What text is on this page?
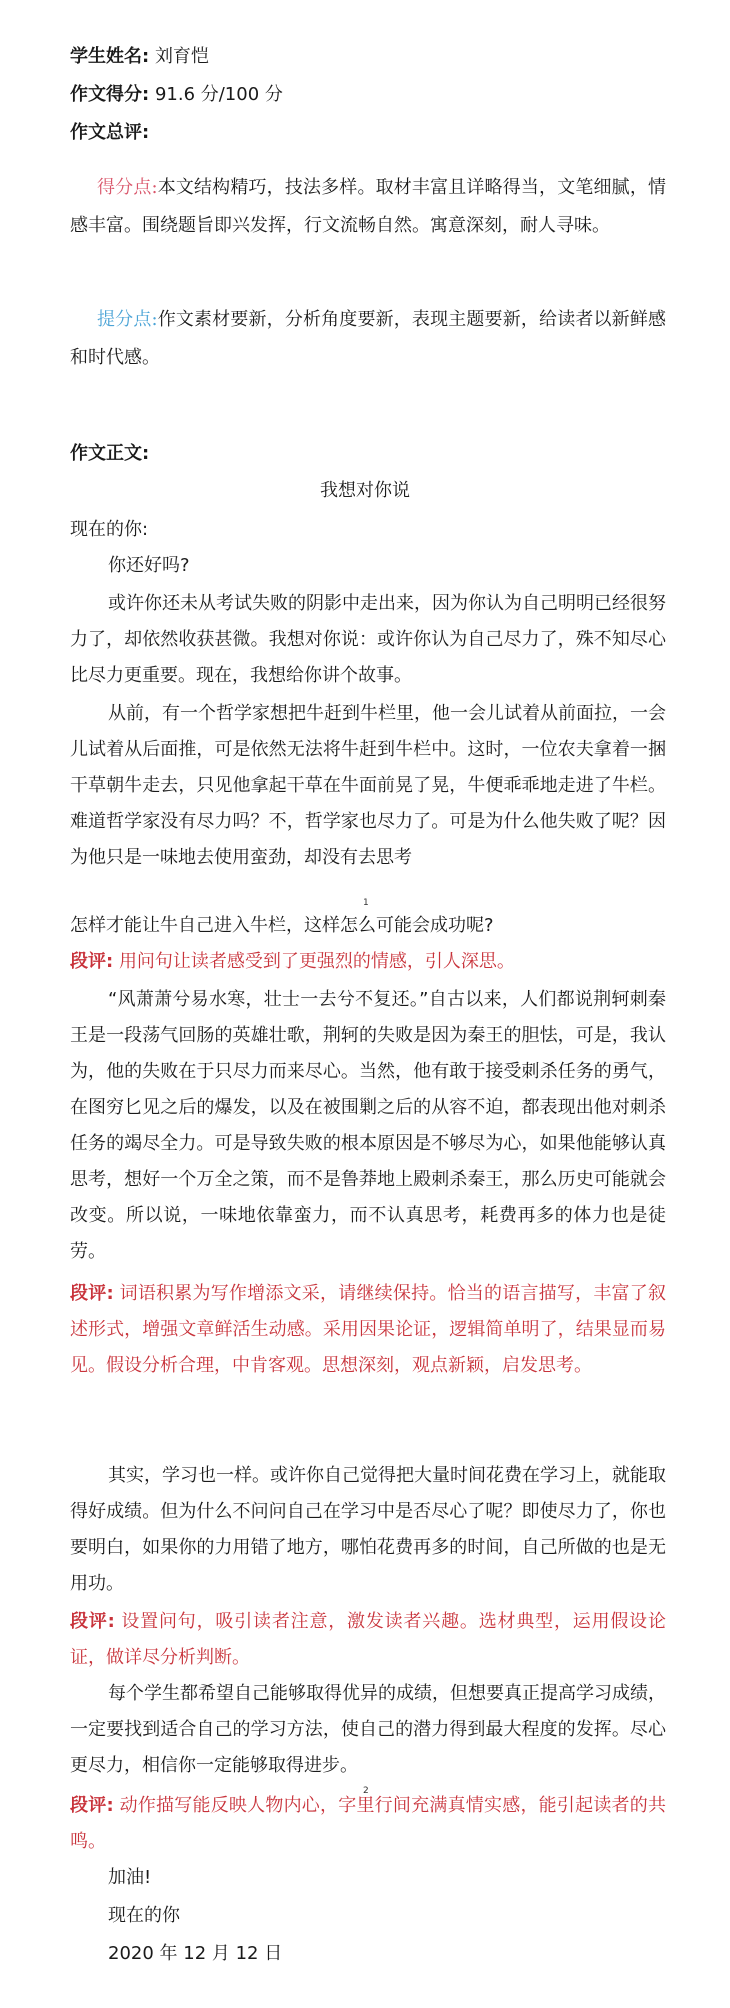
学生姓名: 刘育恺
作文得分: 91.6 分/100 分
作文总评:

得分点:本文结构精巧，技法多样。取材丰富且详略得当，文笔细腻，情感丰富。围绕题旨即兴发挥，行文流畅自然。寓意深刻，耐人寻味。

提分点:作文素材要新，分析角度要新，表现主题要新，给读者以新鲜感和时代感。

作文正文:
我想对你说

现在的你:

你还好吗?

或许你还未从考试失败的阴影中走出来，因为你认为自己明明已经很努力了，却依然收获甚微。我想对你说：或许你认为自己尽力了，殊不知尽心比尽力更重要。现在，我想给你讲个故事。

从前，有一个哲学家想把牛赶到牛栏里，他一会儿试着从前面拉，一会儿试着从后面推，可是依然无法将牛赶到牛栏中。这时，一位农夫拿着一捆干草朝牛走去，只见他拿起干草在牛面前晃了晃，牛便乖乖地走进了牛栏。难道哲学家没有尽力吗？不，哲学家也尽力了。可是为什么他失败了呢？因为他只是一味地去使用蛮劲，却没有去思考

1

怎样才能让牛自己进入牛栏，这样怎么可能会成功呢?

段评: 用问句让读者感受到了更强烈的情感，引人深思。

“风萧萧兮易水寒，壮士一去兮不复还。”自古以来，人们都说荆轲刺秦王是一段荡气回肠的英雄壮歌，荆轲的失败是因为秦王的胆怯，可是，我认为，他的失败在于只尽力而来尽心。当然，他有敢于接受刺杀任务的勇气，在图穷匕见之后的爆发，以及在被围剿之后的从容不迫，都表现出他对刺杀任务的竭尽全力。可是导致失败的根本原因是不够尽为心，如果他能够认真思考，想好一个万全之策，而不是鲁莽地上殿刺杀秦王，那么历史可能就会改变。所以说，一味地依靠蛮力，而不认真思考，耗费再多的体力也是徒劳。

段评: 词语积累为写作增添文采，请继续保持。恰当的语言描写，丰富了叙述形式，增强文章鲜活生动感。采用因果论证，逻辑简单明了，结果显而易见。假设分析合理，中肯客观。思想深刻，观点新颖，启发思考。

其实，学习也一样。或许你自己觉得把大量时间花费在学习上，就能取得好成绩。但为什么不问问自己在学习中是否尽心了呢？即使尽力了，你也要明白，如果你的力用错了地方，哪怕花费再多的时间，自己所做的也是无用功。

段评: 设置问句，吸引读者注意，激发读者兴趣。选材典型，运用假设论证，做详尽分析判断。

每个学生都希望自己能够取得优异的成绩，但想要真正提高学习成绩，一定要找到适合自己的学习方法，使自己的潜力得到最大程度的发挥。尽心更尽力，相信你一定能够取得进步。

2

段评: 动作描写能反映人物内心，字里行间充满真情实感，能引起读者的共鸣。

加油!

现在的你

2020 年 12 月 12 日
